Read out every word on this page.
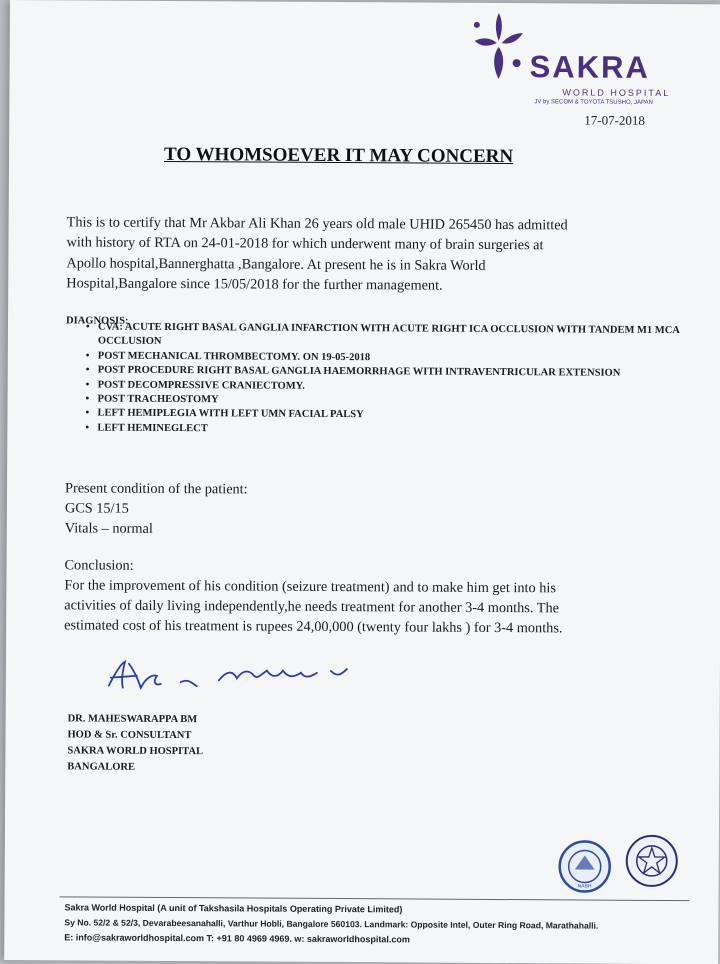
SAKRA
WORLD HOSPITAL
JV by SECOM & TOYOTA TSUSHO, JAPAN
17-07-2018
TO WHOMSOEVER IT MAY CONCERN
This is to certify that Mr Akbar Ali Khan 26 years old male UHID 265450 has admitted
with history of RTA on 24-01-2018 for which underwent many of brain surgeries at
Apollo hospital,Bannerghatta ,Bangalore. At present he is in Sakra World
Hospital,Bangalore since 15/05/2018 for the further management.
DIAGNOSIS:
• CVA: ACUTE RIGHT BASAL GANGLIA INFARCTION WITH ACUTE RIGHT ICA OCCLUSION WITH TANDEM M1 MCA OCCLUSION
• POST MECHANICAL THROMBECTOMY. ON 19-05-2018
• POST PROCEDURE RIGHT BASAL GANGLIA HAEMORRHAGE WITH INTRAVENTRICULAR EXTENSION
• POST DECOMPRESSIVE CRANIECTOMY.
• POST TRACHEOSTOMY
• LEFT HEMIPLEGIA WITH LEFT UMN FACIAL PALSY
• LEFT HEMINEGLECT
Present condition of the patient:
GCS 15/15
Vitals – normal
Conclusion:
For the improvement of his condition (seizure treatment) and to make him get into his
activities of daily living independently,he needs treatment for another 3-4 months. The
estimated cost of his treatment is rupees 24,00,000 (twenty four lakhs ) for 3-4 months.
DR. MAHESWARAPPA BM
HOD & Sr. CONSULTANT
SAKRA WORLD HOSPITAL
BANGALORE
NABH
Sakra World Hospital (A unit of Takshasila Hospitals Operating Private Limited)
Sy No. 52/2 & 52/3, Devarabeesanahalli, Varthur Hobli, Bangalore 560103. Landmark: Opposite Intel, Outer Ring Road, Marathahalli.
E: info@sakraworldhospital.com T: +91 80 4969 4969. w: sakraworldhospital.com
